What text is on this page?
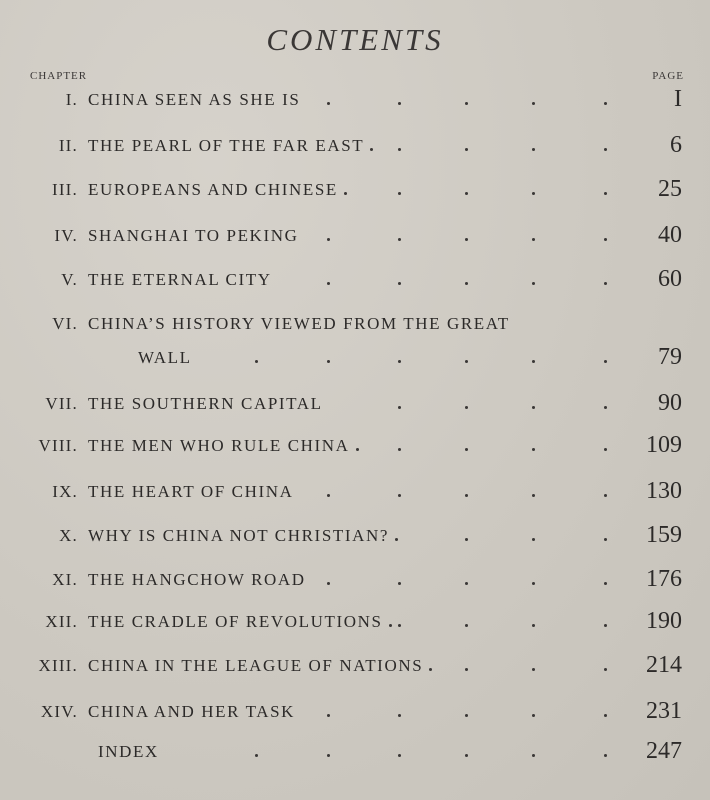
CONTENTS
CHAPTER	PAGE
I. CHINA SEEN AS SHE IS	I
II. THE PEARL OF THE FAR EAST	6
III. EUROPEANS AND CHINESE	25
IV. SHANGHAI TO PEKING	40
V. THE ETERNAL CITY	60
VI. CHINA’S HISTORY VIEWED FROM THE GREAT
WALL	79
VII. THE SOUTHERN CAPITAL	90
VIII. THE MEN WHO RULE CHINA	109
IX. THE HEART OF CHINA	130
X. WHY IS CHINA NOT CHRISTIAN?	159
XI. THE HANGCHOW ROAD	176
XII. THE CRADLE OF REVOLUTIONS	190
XIII. CHINA IN THE LEAGUE OF NATIONS	214
XIV. CHINA AND HER TASK	231
INDEX	247
